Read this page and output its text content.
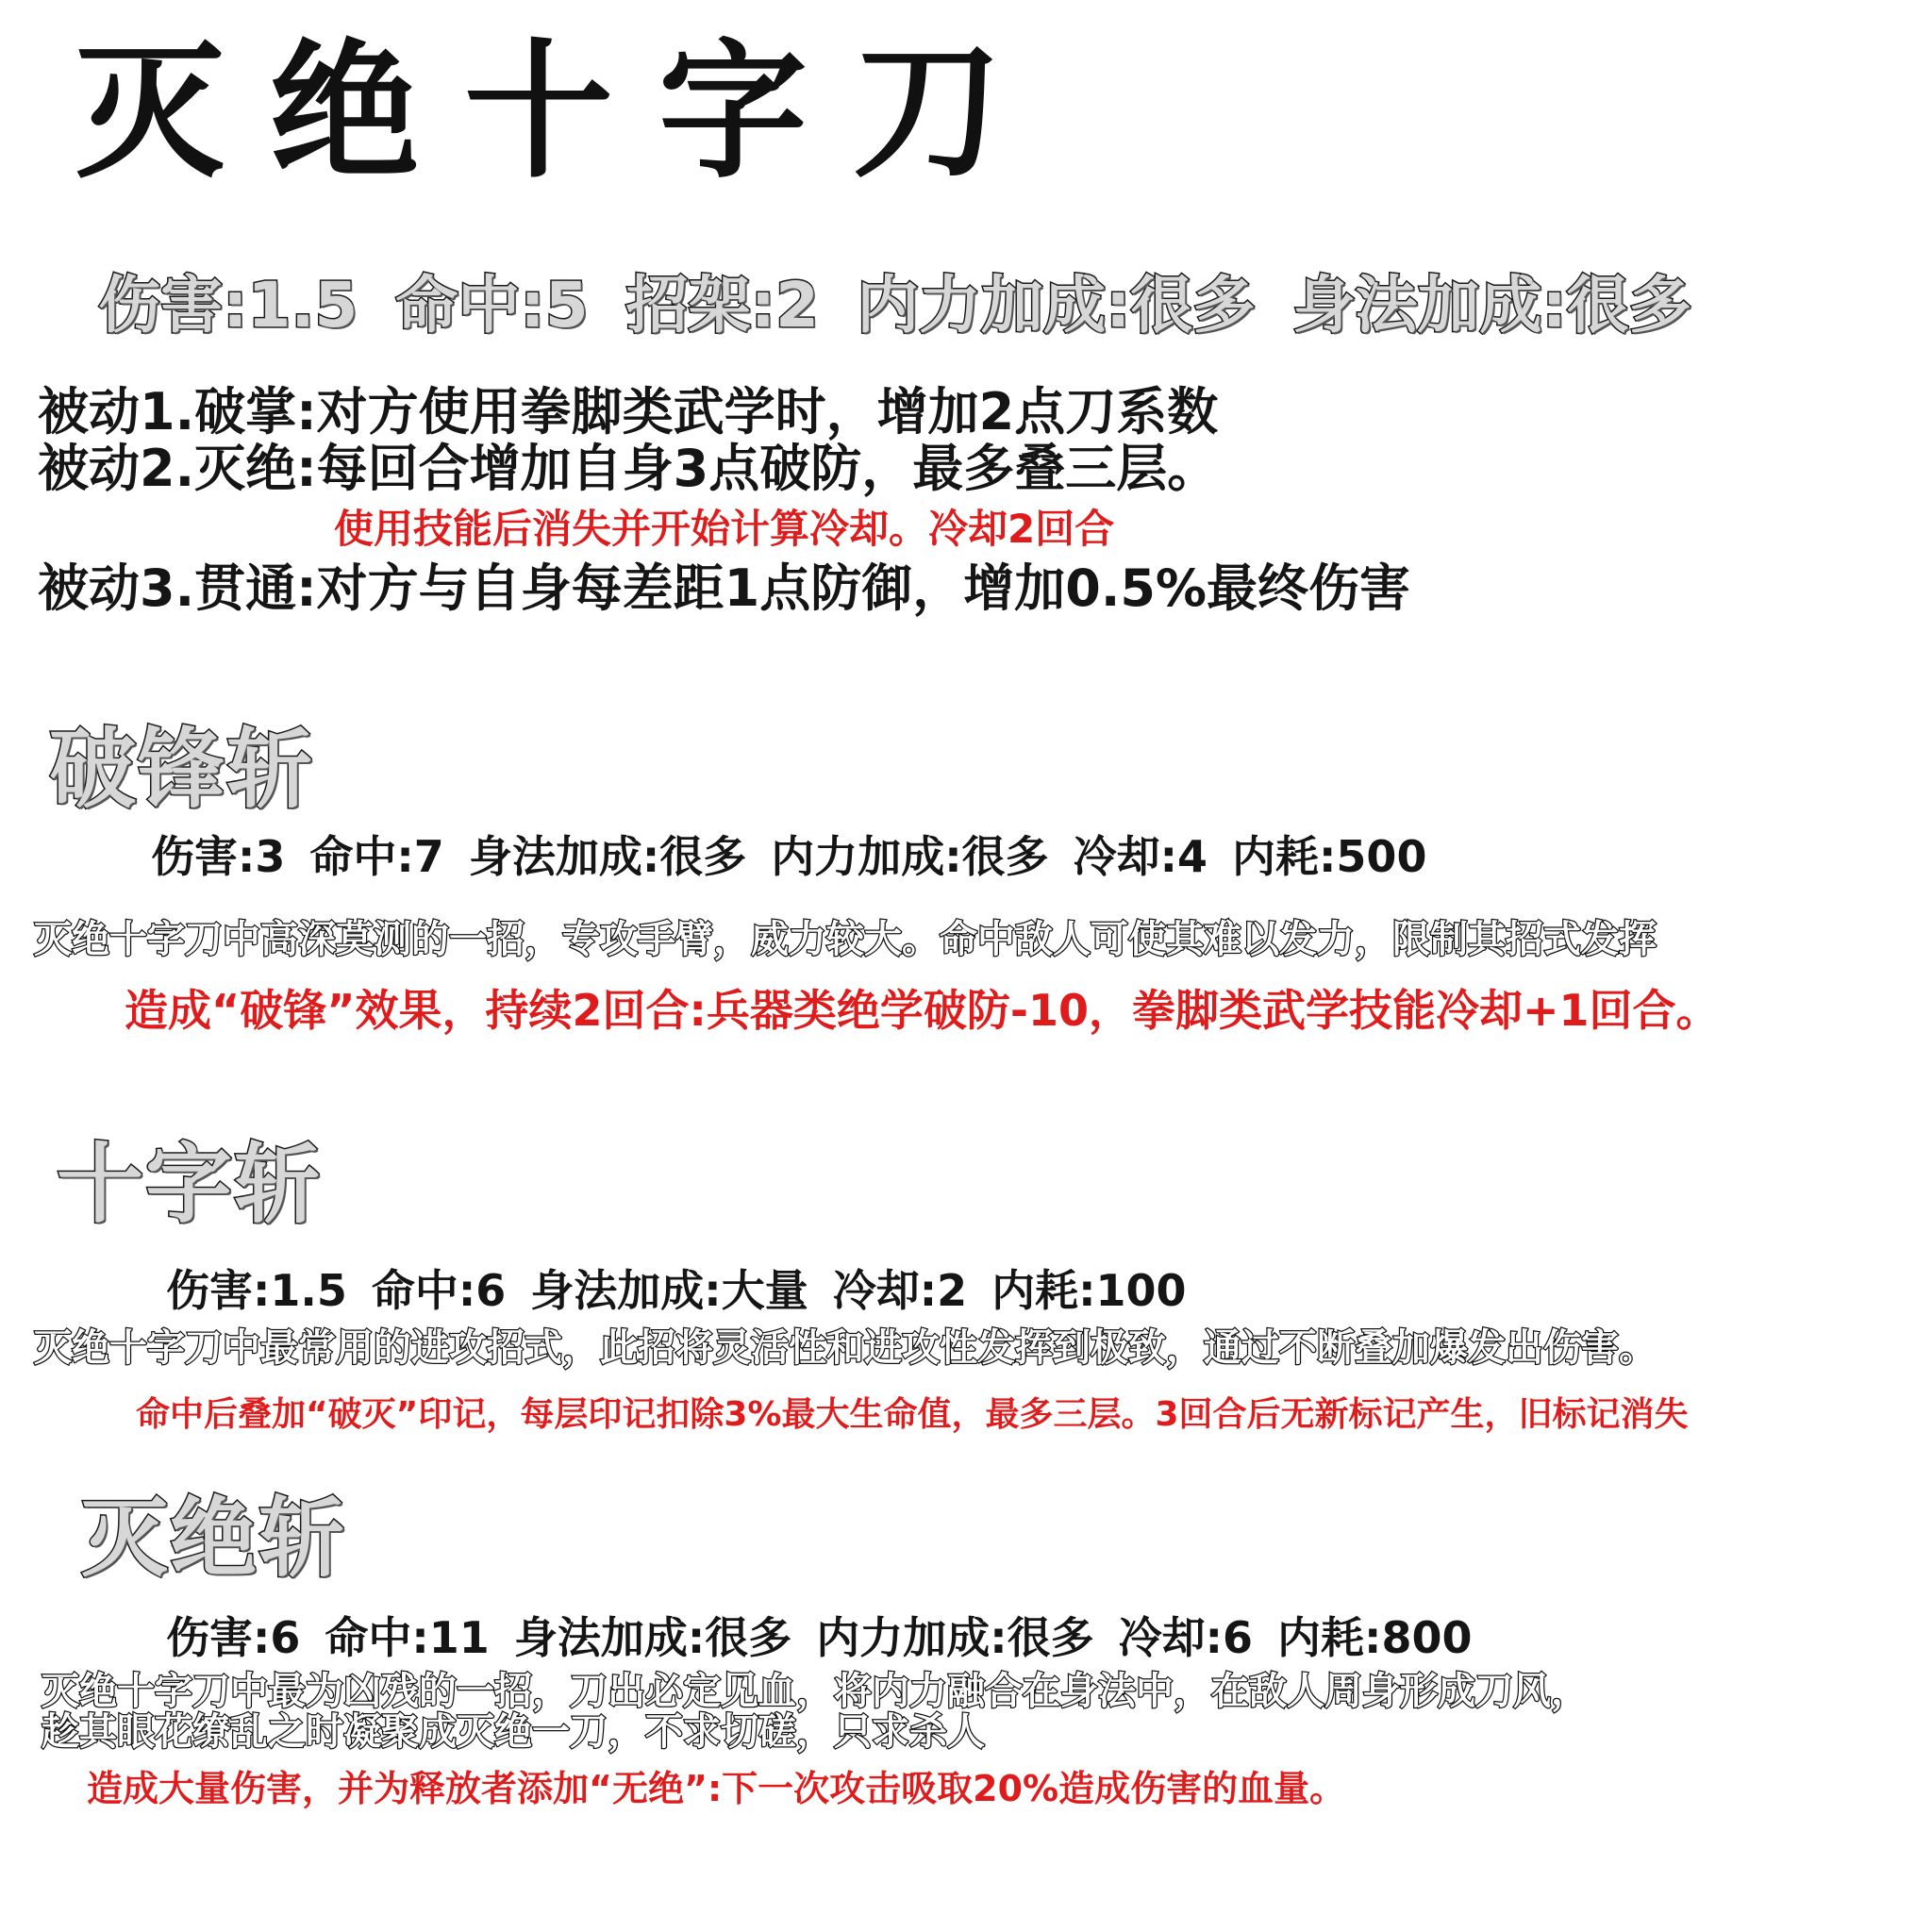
灭绝十字刀
伤害:1.5 命中:5 招架:2 内力加成:很多 身法加成:很多
被动1.破掌:对方使用拳脚类武学时，增加2点刀系数
被动2.灭绝:每回合增加自身3点破防，最多叠三层。
使用技能后消失并开始计算冷却。冷却2回合
被动3.贯通:对方与自身每差距1点防御，增加0.5%最终伤害
破锋斩
伤害:3 命中:7 身法加成:很多 内力加成:很多 冷却:4 内耗:500
灭绝十字刀中高深莫测的一招，专攻手臂，威力较大。命中敌人可使其难以发力，限制其招式发挥
造成“破锋”效果，持续2回合:兵器类绝学破防-10，拳脚类武学技能冷却+1回合。
十字斩
伤害:1.5 命中:6 身法加成:大量 冷却:2 内耗:100
灭绝十字刀中最常用的进攻招式，此招将灵活性和进攻性发挥到极致，通过不断叠加爆发出伤害。
命中后叠加“破灭”印记，每层印记扣除3%最大生命值，最多三层。3回合后无新标记产生，旧标记消失
灭绝斩
伤害:6 命中:11 身法加成:很多 内力加成:很多 冷却:6 内耗:800
灭绝十字刀中最为凶残的一招，刀出必定见血，将内力融合在身法中，在敌人周身形成刀风，
趁其眼花缭乱之时凝聚成灭绝一刀，不求切磋，只求杀人
造成大量伤害，并为释放者添加“无绝”:下一次攻击吸取20%造成伤害的血量。
